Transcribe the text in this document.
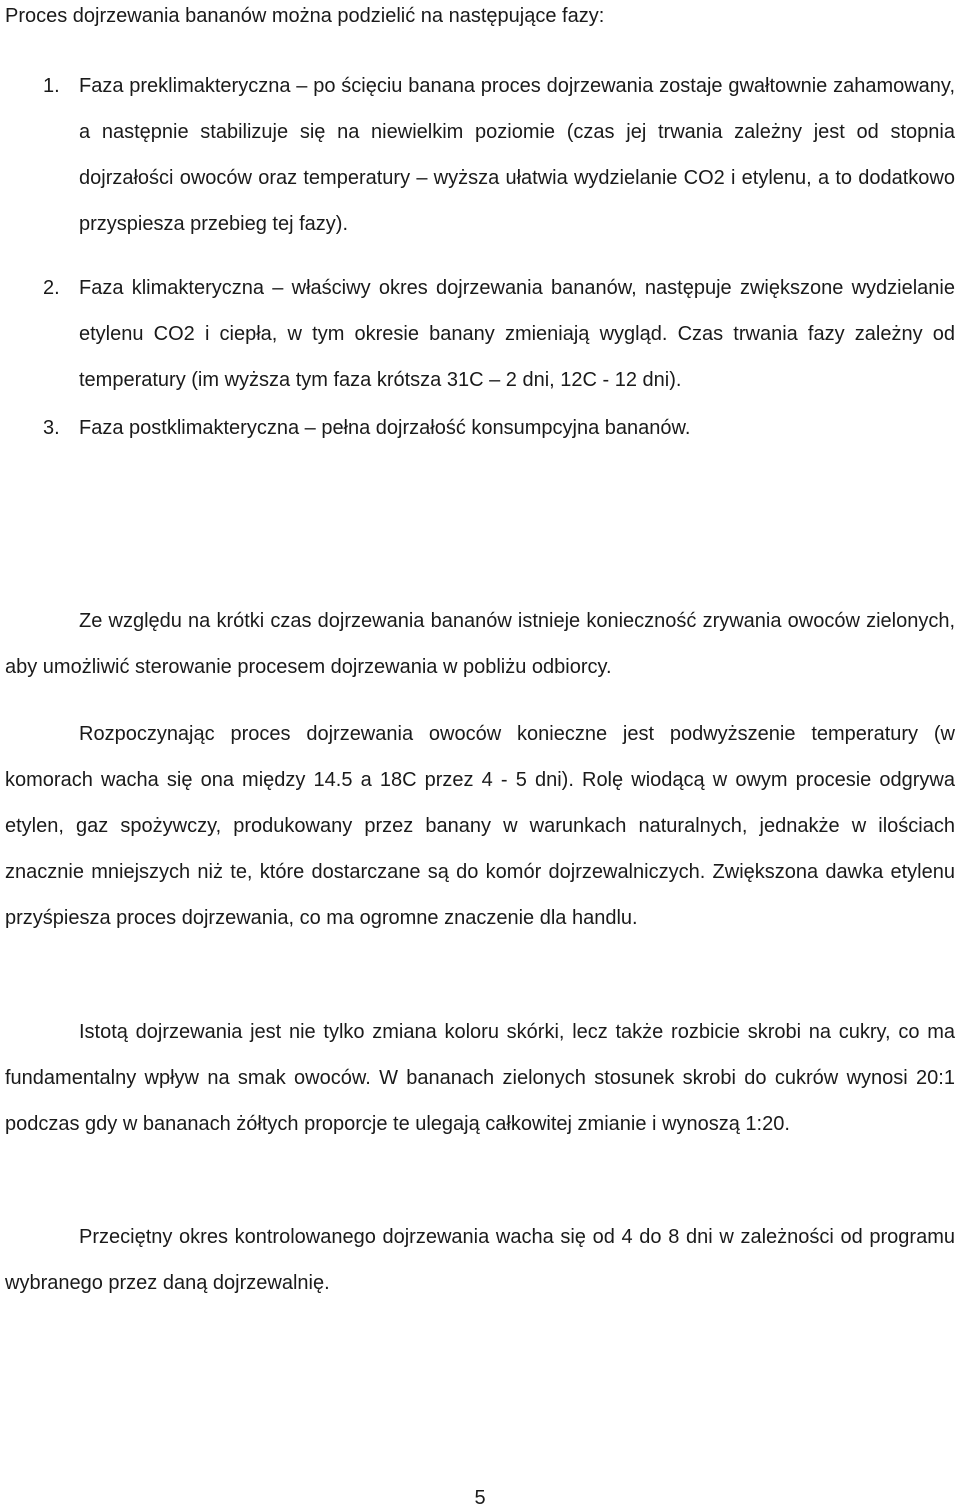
Proces dojrzewania bananów można podzielić na następujące fazy:
1. Faza preklimakteryczna – po ścięciu banana proces dojrzewania zostaje gwałtownie zahamowany, a następnie stabilizuje się na niewielkim poziomie (czas jej trwania zależny jest od stopnia dojrzałości owoców oraz temperatury – wyższa ułatwia wydzielanie CO2 i etylenu, a to dodatkowo przyspiesza przebieg tej fazy).
2. Faza klimakteryczna – właściwy okres dojrzewania bananów, następuje zwiększone wydzielanie etylenu CO2 i ciepła, w tym okresie banany zmieniają wygląd. Czas trwania fazy zależny od temperatury (im wyższa tym faza krótsza 31C – 2 dni, 12C - 12 dni).
3. Faza postklimakteryczna – pełna dojrzałość konsumpcyjna bananów.

Ze względu na krótki czas dojrzewania bananów istnieje konieczność zrywania owoców zielonych, aby umożliwić sterowanie procesem dojrzewania w pobliżu odbiorcy.

Rozpoczynając proces dojrzewania owoców konieczne jest podwyższenie temperatury (w komorach wacha się ona między 14.5 a 18C przez 4 - 5 dni). Rolę wiodącą w owym procesie odgrywa etylen, gaz spożywczy, produkowany przez banany w warunkach naturalnych, jednakże w ilościach znacznie mniejszych niż te, które dostarczane są do komór dojrzewalniczych. Zwiększona dawka etylenu przyśpiesza proces dojrzewania, co ma ogromne znaczenie dla handlu.

Istotą dojrzewania jest nie tylko zmiana koloru skórki, lecz także rozbicie skrobi na cukry, co ma fundamentalny wpływ na smak owoców. W bananach zielonych stosunek skrobi do cukrów wynosi 20:1 podczas gdy w bananach żółtych proporcje te ulegają całkowitej zmianie i wynoszą 1:20.

Przeciętny okres kontrolowanego dojrzewania wacha się od 4 do 8 dni w zależności od programu wybranego przez daną dojrzewalnię.

5
